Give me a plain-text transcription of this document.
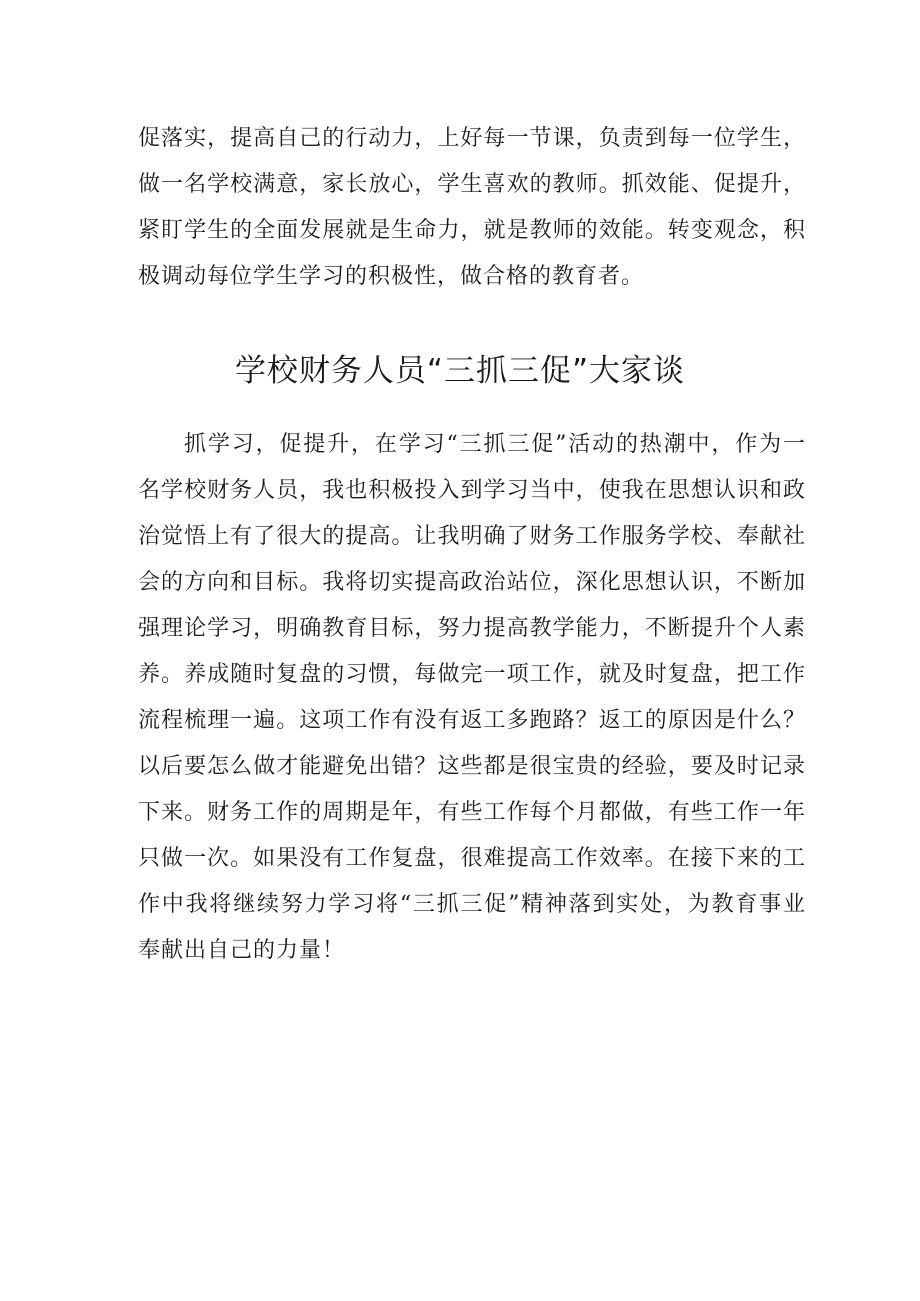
促落实，提高自己的行动力，上好每一节课，负责到每一位学生，做一名学校满意，家长放心，学生喜欢的教师。抓效能、促提升，紧盯学生的全面发展就是生命力，就是教师的效能。转变观念，积极调动每位学生学习的积极性，做合格的教育者。

学校财务人员“三抓三促”大家谈

抓学习，促提升，在学习“三抓三促”活动的热潮中，作为一名学校财务人员，我也积极投入到学习当中，使我在思想认识和政治觉悟上有了很大的提高。让我明确了财务工作服务学校、奉献社会的方向和目标。我将切实提高政治站位，深化思想认识，不断加强理论学习，明确教育目标，努力提高教学能力，不断提升个人素养。养成随时复盘的习惯，每做完一项工作，就及时复盘，把工作流程梳理一遍。这项工作有没有返工多跑路？返工的原因是什么？以后要怎么做才能避免出错？这些都是很宝贵的经验，要及时记录下来。财务工作的周期是年，有些工作每个月都做，有些工作一年只做一次。如果没有工作复盘，很难提高工作效率。在接下来的工作中我将继续努力学习将“三抓三促”精神落到实处，为教育事业奉献出自己的力量！
